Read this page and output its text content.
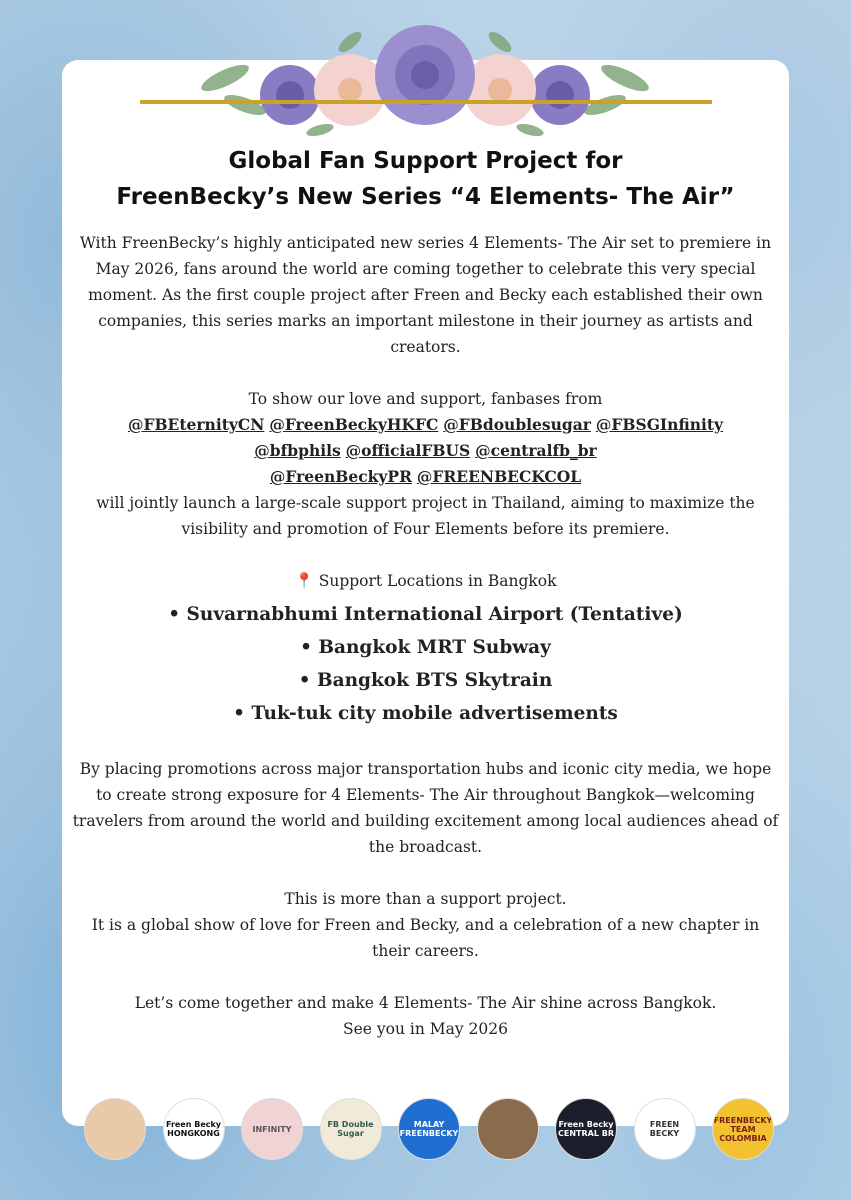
Global Fan Support Project for
FreenBecky’s New Series “4 Elements- The Air”

With FreenBecky’s highly anticipated new series 4 Elements- The Air set to premiere in May 2026, fans around the world are coming together to celebrate this very special moment. As the first couple project after Freen and Becky each established their own companies, this series marks an important milestone in their journey as artists and creators.

To show our love and support, fanbases from

@FBEternityCN @FreenBeckyHKFC @FBdoublesugar @FBSGInfinity
@bfbphils @officialFBUS @centralfb_br
@FreenBeckyPR @FREENBECKCOL

will jointly launch a large-scale support project in Thailand, aiming to maximize the visibility and promotion of Four Elements before its premiere.

📍 Support Locations in Bangkok

• Suvarnabhumi International Airport (Tentative)
• Bangkok MRT Subway
• Bangkok BTS Skytrain
• Tuk-tuk city mobile advertisements

By placing promotions across major transportation hubs and iconic city media, we hope to create strong exposure for 4 Elements- The Air throughout Bangkok—welcoming travelers from around the world and building excitement among local audiences ahead of the broadcast.

This is more than a support project.

It is a global show of love for Freen and Becky, and a celebration of a new chapter in their careers.

Let’s come together and make 4 Elements- The Air shine across Bangkok.

See you in May 2026

Freen Becky HONGKONG	INFINITY	FB Double Sugar
MALAY FREENBECKY
Freen Becky CENTRAL BR
FREEN BECKY
FREENBECKY TEAM COLOMBIA
